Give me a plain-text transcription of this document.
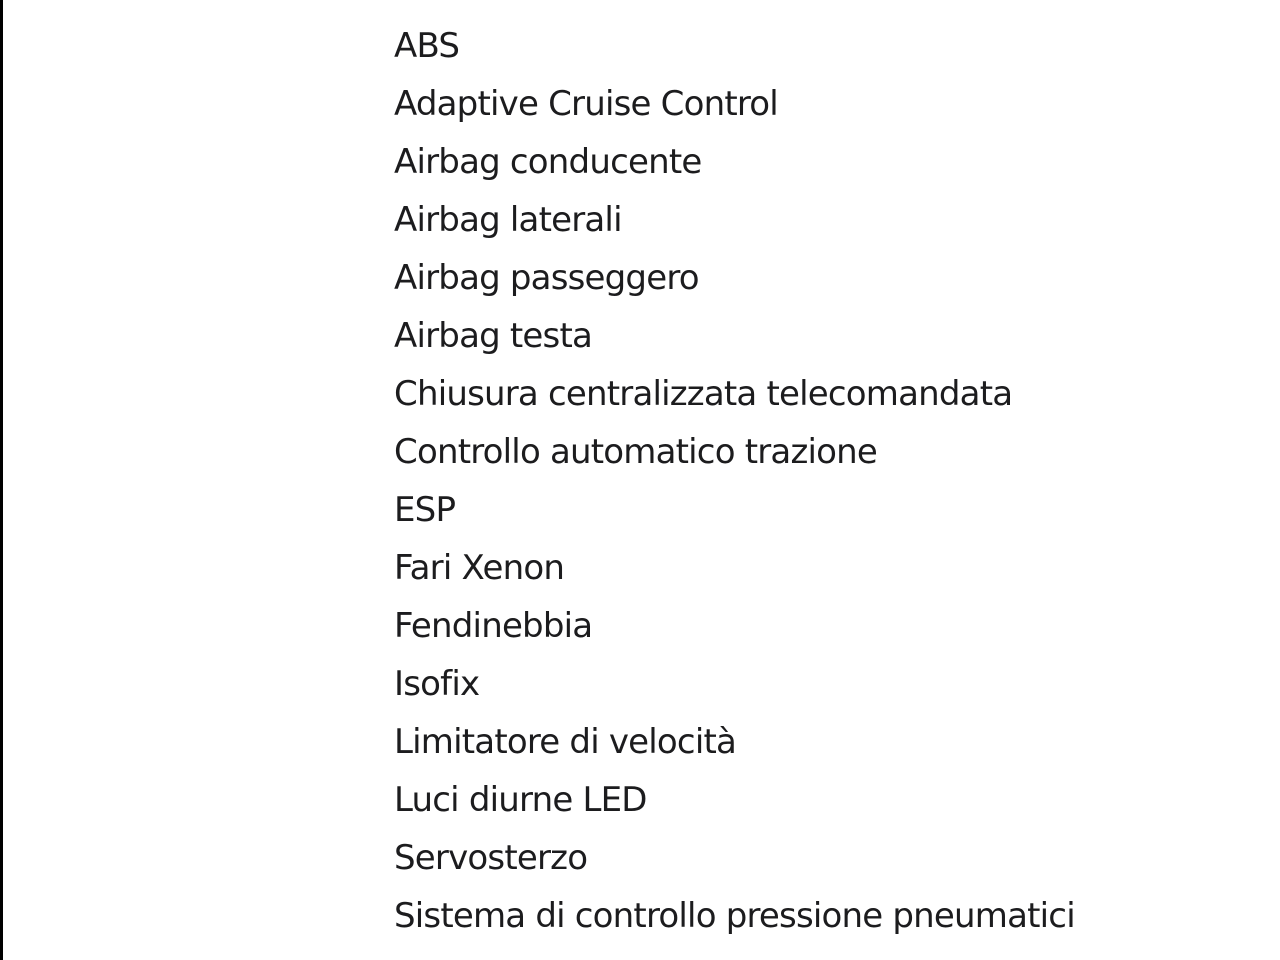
ABS
Adaptive Cruise Control
Airbag conducente
Airbag laterali
Airbag passeggero
Airbag testa
Chiusura centralizzata telecomandata
Controllo automatico trazione
ESP
Fari Xenon
Fendinebbia
Isofix
Limitatore di velocità
Luci diurne LED
Servosterzo
Sistema di controllo pressione pneumatici
